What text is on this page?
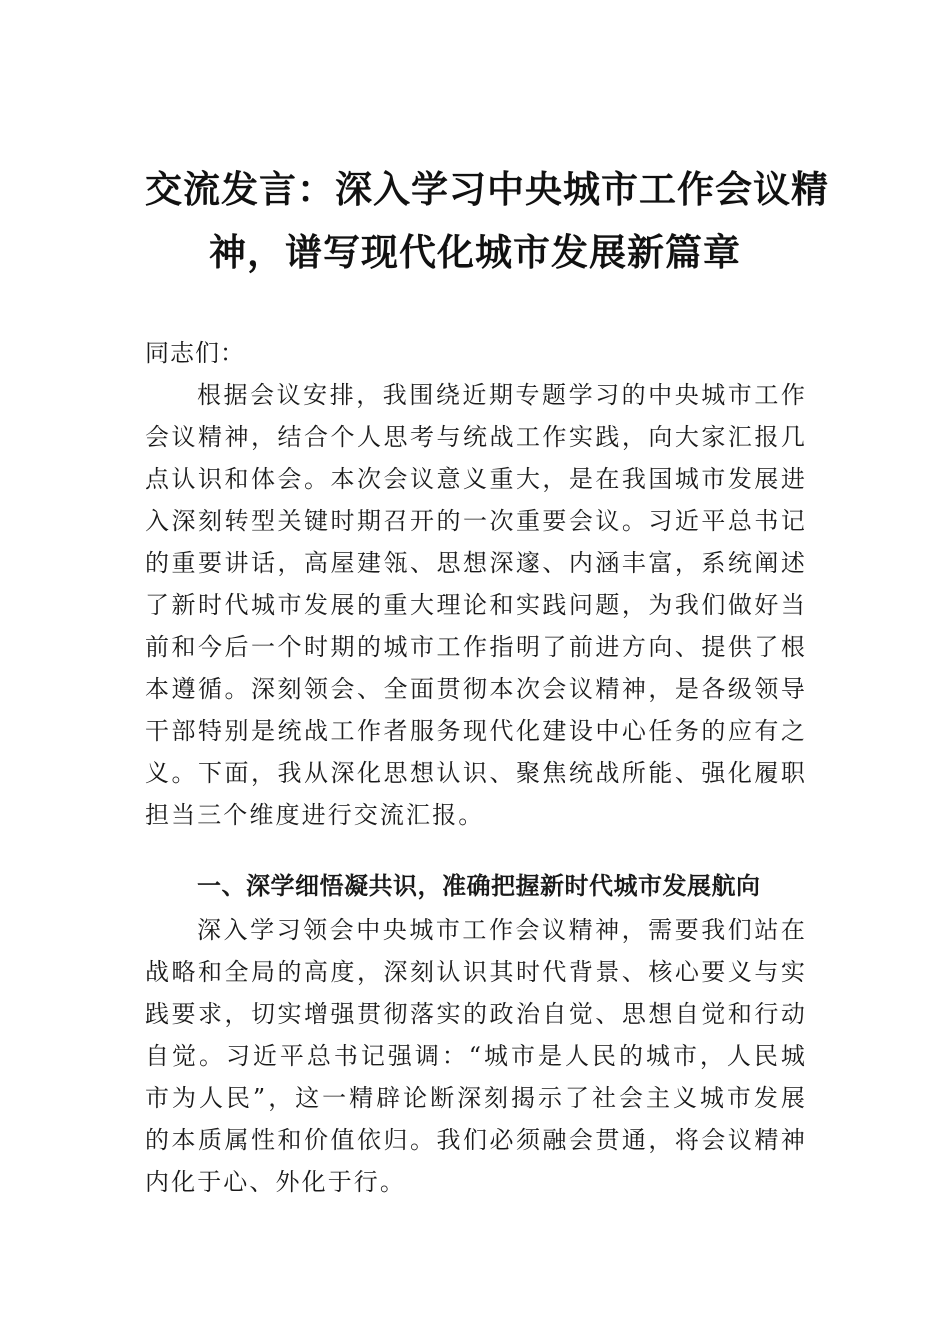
交流发言：深入学习中央城市工作会议精
神，谱写现代化城市发展新篇章
同志们：

根据会议安排，我围绕近期专题学习的中央城市工作会议精神，结合个人思考与统战工作实践，向大家汇报几点认识和体会。本次会议意义重大，是在我国城市发展进入深刻转型关键时期召开的一次重要会议。习近平总书记的重要讲话，高屋建瓴、思想深邃、内涵丰富，系统阐述了新时代城市发展的重大理论和实践问题，为我们做好当前和今后一个时期的城市工作指明了前进方向、提供了根本遵循。深刻领会、全面贯彻本次会议精神，是各级领导干部特别是统战工作者服务现代化建设中心任务的应有之义。下面，我从深化思想认识、聚焦统战所能、强化履职担当三个维度进行交流汇报。

一、深学细悟凝共识，准确把握新时代城市发展航向

深入学习领会中央城市工作会议精神，需要我们站在战略和全局的高度，深刻认识其时代背景、核心要义与实践要求，切实增强贯彻落实的政治自觉、思想自觉和行动自觉。习近平总书记强调：“城市是人民的城市，人民城市为人民”，这一精辟论断深刻揭示了社会主义城市发展的本质属性和价值依归。我们必须融会贯通，将会议精神内化于心、外化于行。
